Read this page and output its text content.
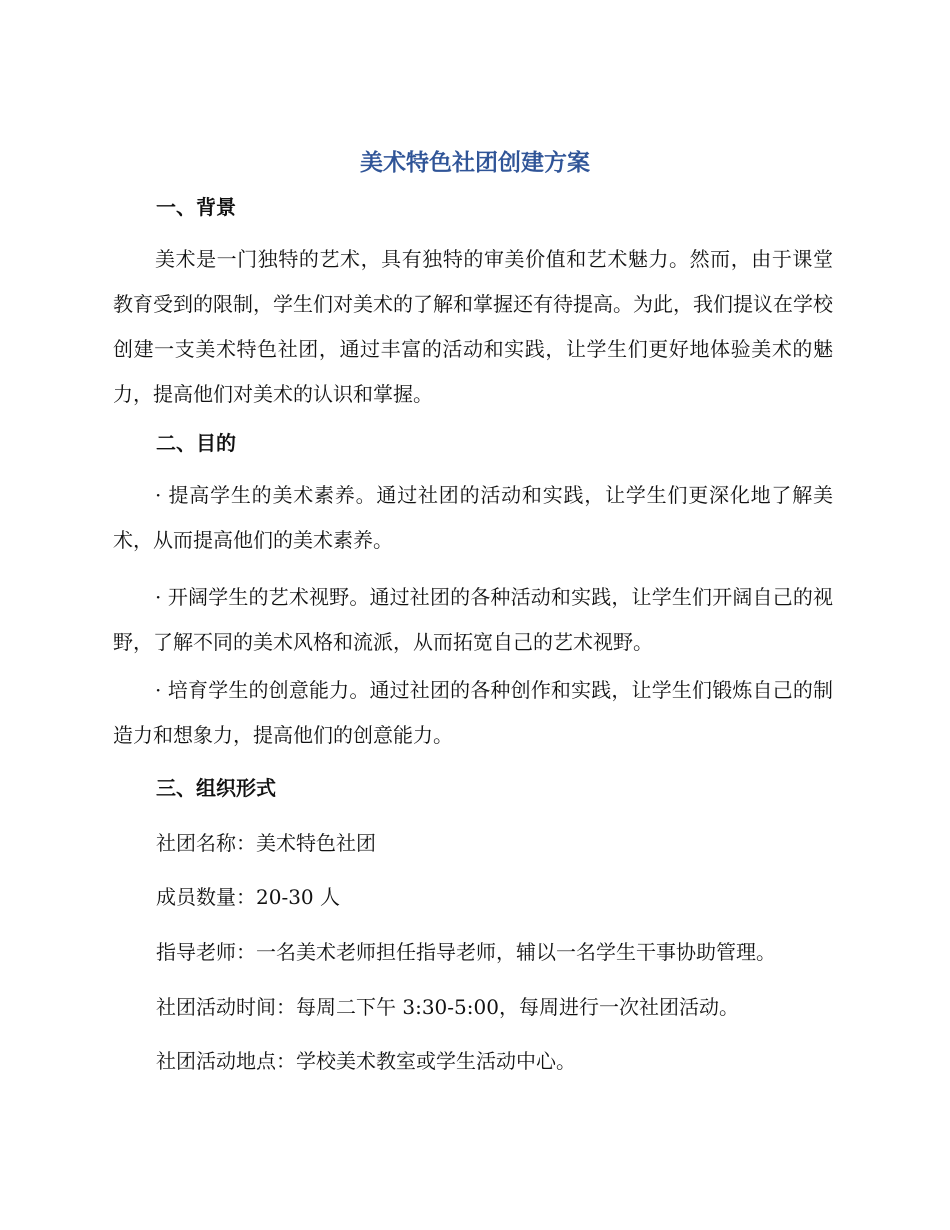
美术特色社团创建方案
一、背景

美术是一门独特的艺术，具有独特的审美价值和艺术魅力。然而，由于课堂教育受到的限制，学生们对美术的了解和掌握还有待提高。为此，我们提议在学校创建一支美术特色社团，通过丰富的活动和实践，让学生们更好地体验美术的魅力，提高他们对美术的认识和掌握。

二、目的

· 提高学生的美术素养。通过社团的活动和实践，让学生们更深化地了解美术，从而提高他们的美术素养。

· 开阔学生的艺术视野。通过社团的各种活动和实践，让学生们开阔自己的视野，了解不同的美术风格和流派，从而拓宽自己的艺术视野。

· 培育学生的创意能力。通过社团的各种创作和实践，让学生们锻炼自己的制造力和想象力，提高他们的创意能力。

三、组织形式

社团名称：美术特色社团

成员数量：20-30 人

指导老师：一名美术老师担任指导老师，辅以一名学生干事协助管理。

社团活动时间：每周二下午 3:30-5:00，每周进行一次社团活动。

社团活动地点：学校美术教室或学生活动中心。
